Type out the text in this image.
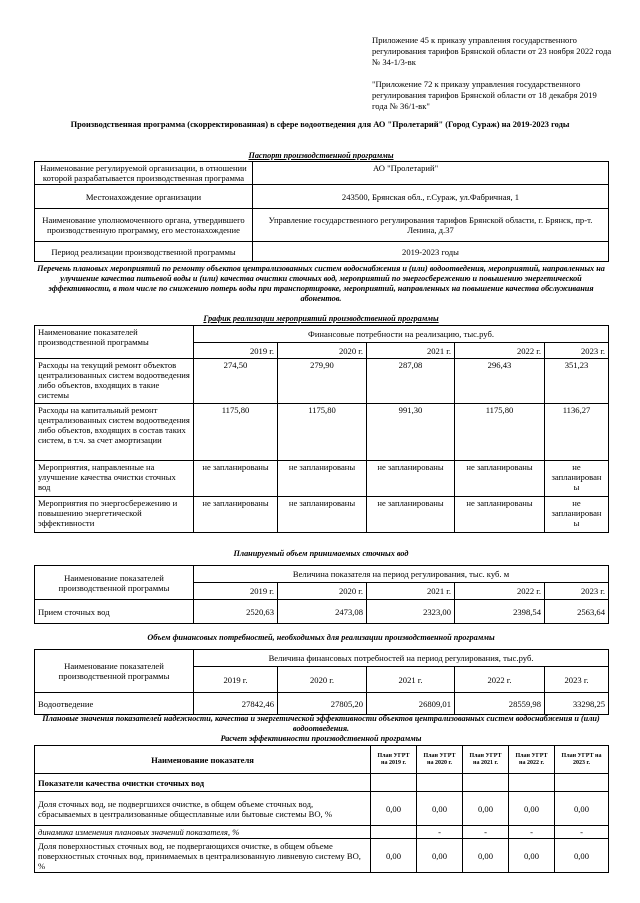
Приложение 45 к приказу управления государственного регулирования тарифов Брянской области от 23 ноября 2022 года № 34-1/3-вк
"Приложение 72 к приказу управления государственного регулирования тарифов Брянской области от 18 декабря 2019 года № 36/1-вк"
Производственная программа (скорректированная) в сфере водоотведения для АО "Пролетарий" (Город Сураж) на 2019-2023 годы
Паспорт производственной программы
Наименование регулируемой организации, в отношении которой разрабатывается производственная программа	АО "Пролетарий"
Местонахождение организации	243500, Брянская обл., г.Сураж, ул.Фабричная, 1
Наименование уполномоченного органа, утвердившего производственную программу, его местонахождение	Управление государственного регулирования тарифов Брянской области, г. Брянск, пр-т. Ленина, д.37
Период реализации производственной программы	2019-2023 годы
Перечень плановых мероприятий по ремонту объектов централизованных систем водоснабжения и (или) водоотведения, мероприятий, направленных на улучшение качества питьевой воды и (или) качества очистки сточных вод, мероприятий по энергосбережению и повышению энергетической эффективности, в том числе по снижению потерь воды при транспортировке, мероприятий, направленных на повышение качества обслуживания абонентов.
График реализации мероприятий производственной программы
Наименование показателей производственной программы	Финансовые потребности на реализацию, тыс.руб.				
	2019 г.	2020 г.	2021 г.	2022 г.	2023 г.
Расходы на текущий ремонт объектов централизованных систем водоотведения либо объектов, входящих в такие системы	274,50	279,90	287,08	296,43	351,23
Расходы на капитальный ремонт централизованных систем водоотведения либо объектов, входящих в состав таких систем, в т.ч. за счет амортизации	1175,80	1175,80	991,30	1175,80	1136,27
Мероприятия, направленные на улучшение качества очистки сточных вод	не запланированы	не запланированы	не запланированы	не запланированы	не запланирован ы
Мероприятия по энергосбережению и повышению энергетической эффективности	не запланированы	не запланированы	не запланированы	не запланированы	не запланирован ы
Планируемый объем принимаемых сточных вод
Наименование показателей производственной программы	Величина показателя на период регулирования, тыс. куб. м				
	2019 г.	2020 г.	2021 г.	2022 г.	2023 г.
Прием сточных вод	2520,63	2473,08	2323,00	2398,54	2563,64
Объем финансовых потребностей, необходимых для реализации производственной программы
Наименование показателей производственной программы	Величина финансовых потребностей на период регулирования, тыс.руб.				
	2019 г.	2020 г.	2021 г.	2022 г.	2023 г.
Водоотведение	27842,46	27805,20	26809,01	28559,98	33298,25
Плановые значения показателей надежности, качества и энергетической эффективности объектов централизованных систем водоснабжения и (или) водоотведения.
Расчет эффективности производственной программы
Наименование показателя	План УГРТ на 2019 г.	План УГРТ на 2020 г.	План УГРТ на 2021 г.	План УГРТ на 2022 г.	План УГРТ на 2023 г.
Показатели качества очистки сточных вод					
Доля сточных вод, не подвергшихся очистке, в общем объеме сточных вод, сбрасываемых в централизованные общесплавные или бытовые системы ВО, %	0,00	0,00	0,00	0,00	0,00
динамика изменения плановых значений показателя, %		-	-	-	-
Доля поверхностных сточных вод, не подвергающихся очистке, в общем объеме поверхностных сточных вод, принимаемых в централизованную ливневую систему ВО, %	0,00	0,00	0,00	0,00	0,00
